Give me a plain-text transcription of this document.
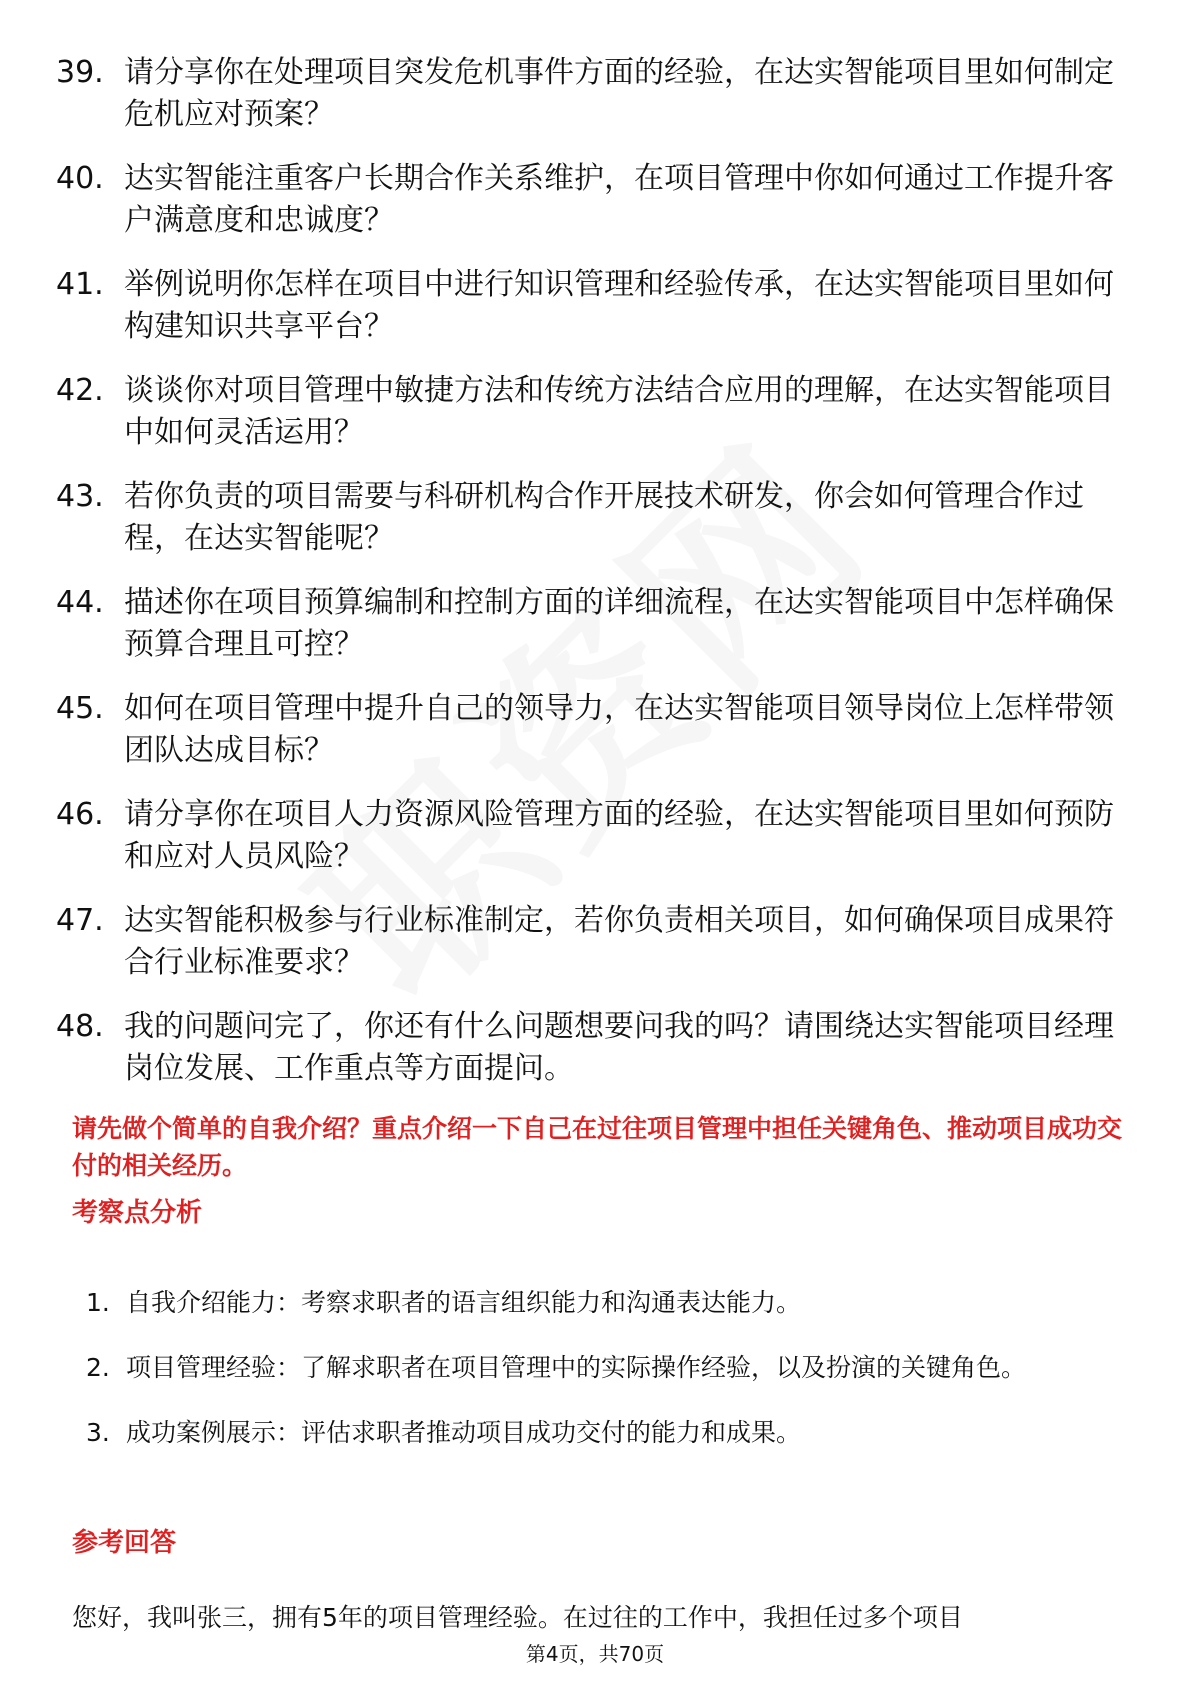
39. 请分享你在处理项目突发危机事件方面的经验，在达实智能项目里如何制定危机应对预案？
40. 达实智能注重客户长期合作关系维护，在项目管理中你如何通过工作提升客户满意度和忠诚度？
41. 举例说明你怎样在项目中进行知识管理和经验传承，在达实智能项目里如何构建知识共享平台？
42. 谈谈你对项目管理中敏捷方法和传统方法结合应用的理解，在达实智能项目中如何灵活运用？
43. 若你负责的项目需要与科研机构合作开展技术研发，你会如何管理合作过程，在达实智能呢？
44. 描述你在项目预算编制和控制方面的详细流程，在达实智能项目中怎样确保预算合理且可控？
45. 如何在项目管理中提升自己的领导力，在达实智能项目领导岗位上怎样带领团队达成目标？
46. 请分享你在项目人力资源风险管理方面的经验，在达实智能项目里如何预防和应对人员风险？
47. 达实智能积极参与行业标准制定，若你负责相关项目，如何确保项目成果符合行业标准要求？
48. 我的问题问完了，你还有什么问题想要问我的吗？请围绕达实智能项目经理岗位发展、工作重点等方面提问。
请先做个简单的自我介绍？重点介绍一下自己在过往项目管理中担任关键角色、推动项目成功交付的相关经历。
考察点分析
1. 自我介绍能力：考察求职者的语言组织能力和沟通表达能力。
2. 项目管理经验：了解求职者在项目管理中的实际操作经验，以及扮演的关键角色。
3. 成功案例展示：评估求职者推动项目成功交付的能力和成果。
参考回答
您好，我叫张三，拥有5年的项目管理经验。在过往的工作中，我担任过多个项目
第4页，共70页
